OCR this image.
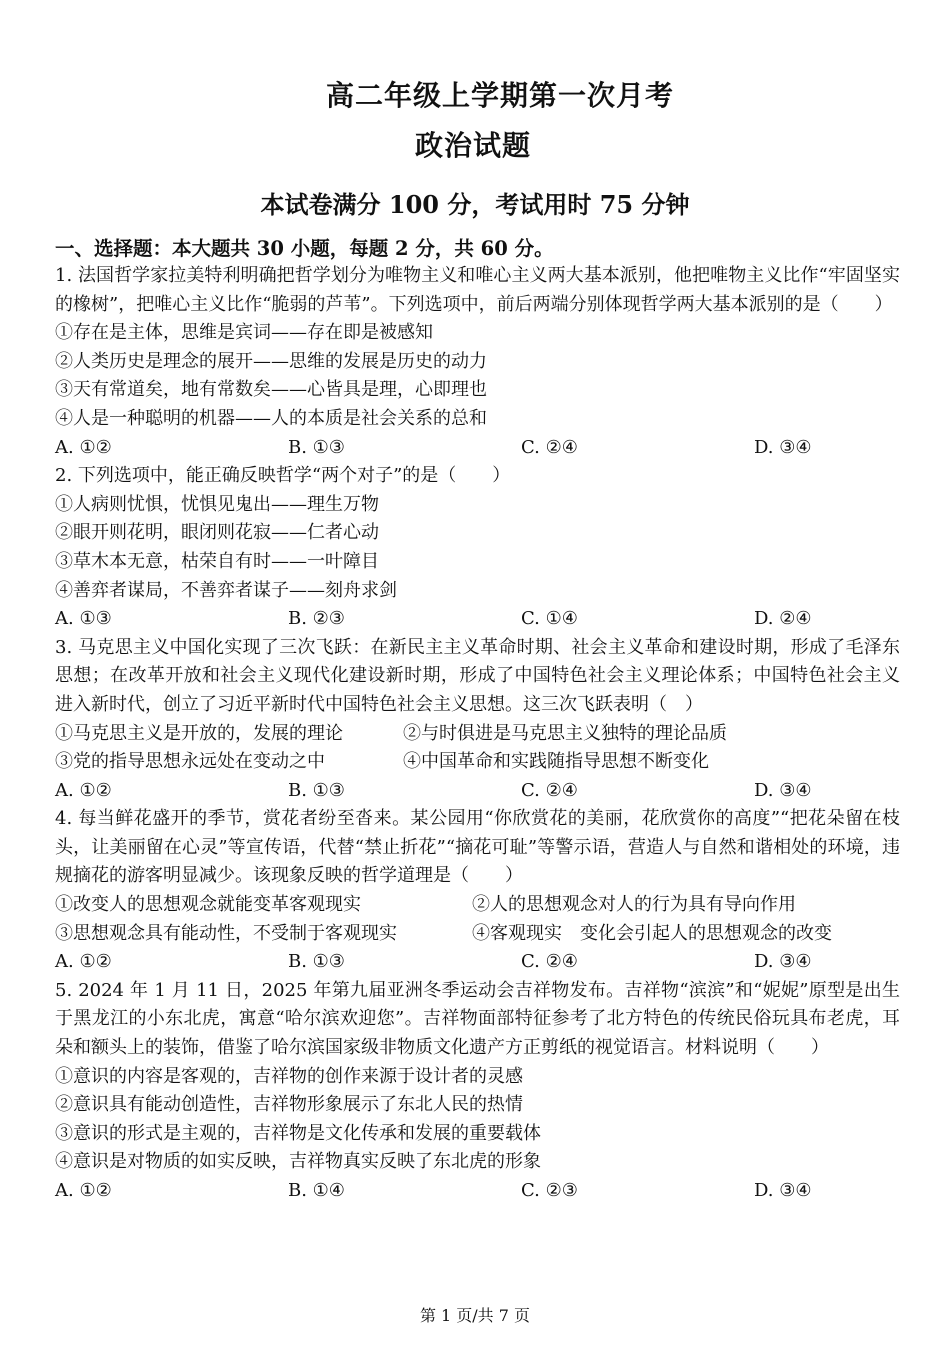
高二年级上学期第一次月考
政治试题
本试卷满分 100 分，考试用时 75 分钟
一、选择题：本大题共 30 小题，每题 2 分，共 60 分。
1. 法国哲学家拉美特利明确把哲学划分为唯物主义和唯心主义两大基本派别，他把唯物主义比作“牢固坚实的橡树”，把唯心主义比作“脆弱的芦苇”。下列选项中，前后两端分别体现哲学两大基本派别的是（　　）
①存在是主体，思维是宾词——存在即是被感知
②人类历史是理念的展开——思维的发展是历史的动力
③天有常道矣，地有常数矣——心皆具是理，心即理也
④人是一种聪明的机器——人的本质是社会关系的总和
A. ①②	B. ①③	C. ②④	D. ③④
2. 下列选项中，能正确反映哲学“两个对子”的是（　　）
①人病则忧惧，忧惧见鬼出——理生万物
②眼开则花明，眼闭则花寂——仁者心动
③草木本无意，枯荣自有时——一叶障目
④善弈者谋局，不善弈者谋子——刻舟求剑
A. ①③	B. ②③	C. ①④	D. ②④
3. 马克思主义中国化实现了三次飞跃：在新民主主义革命时期、社会主义革命和建设时期，形成了毛泽东思想；在改革开放和社会主义现代化建设新时期，形成了中国特色社会主义理论体系；中国特色社会主义进入新时代，创立了习近平新时代中国特色社会主义思想。这三次飞跃表明（　）
①马克思主义是开放的，发展的理论	②与时俱进是马克思主义独特的理论品质
③党的指导思想永远处在变动之中	④中国革命和实践随指导思想不断变化
A. ①②	B. ①③	C. ②④	D. ③④
4. 每当鲜花盛开的季节，赏花者纷至沓来。某公园用“你欣赏花的美丽，花欣赏你的高度”“把花朵留在枝头，让美丽留在心灵”等宣传语，代替“禁止折花”“摘花可耻”等警示语，营造人与自然和谐相处的环境，违规摘花的游客明显减少。该现象反映的哲学道理是（　　）
①改变人的思想观念就能变革客观现实	②人的思想观念对人的行为具有导向作用
③思想观念具有能动性，不受制于客观现实	④客观现实　变化会引起人的思想观念的改变
A. ①②	B. ①③	C. ②④	D. ③④
5. 2024 年 1 月 11 日，2025 年第九届亚洲冬季运动会吉祥物发布。吉祥物“滨滨”和“妮妮”原型是出生于黑龙江的小东北虎，寓意“哈尔滨欢迎您”。吉祥物面部特征参考了北方特色的传统民俗玩具布老虎，耳朵和额头上的装饰，借鉴了哈尔滨国家级非物质文化遗产方正剪纸的视觉语言。材料说明（　　）
①意识的内容是客观的，吉祥物的创作来源于设计者的灵感
②意识具有能动创造性，吉祥物形象展示了东北人民的热情
③意识的形式是主观的，吉祥物是文化传承和发展的重要载体
④意识是对物质的如实反映，吉祥物真实反映了东北虎的形象
A. ①②	B. ①④	C. ②③	D. ③④
第 1 页/共 7 页
